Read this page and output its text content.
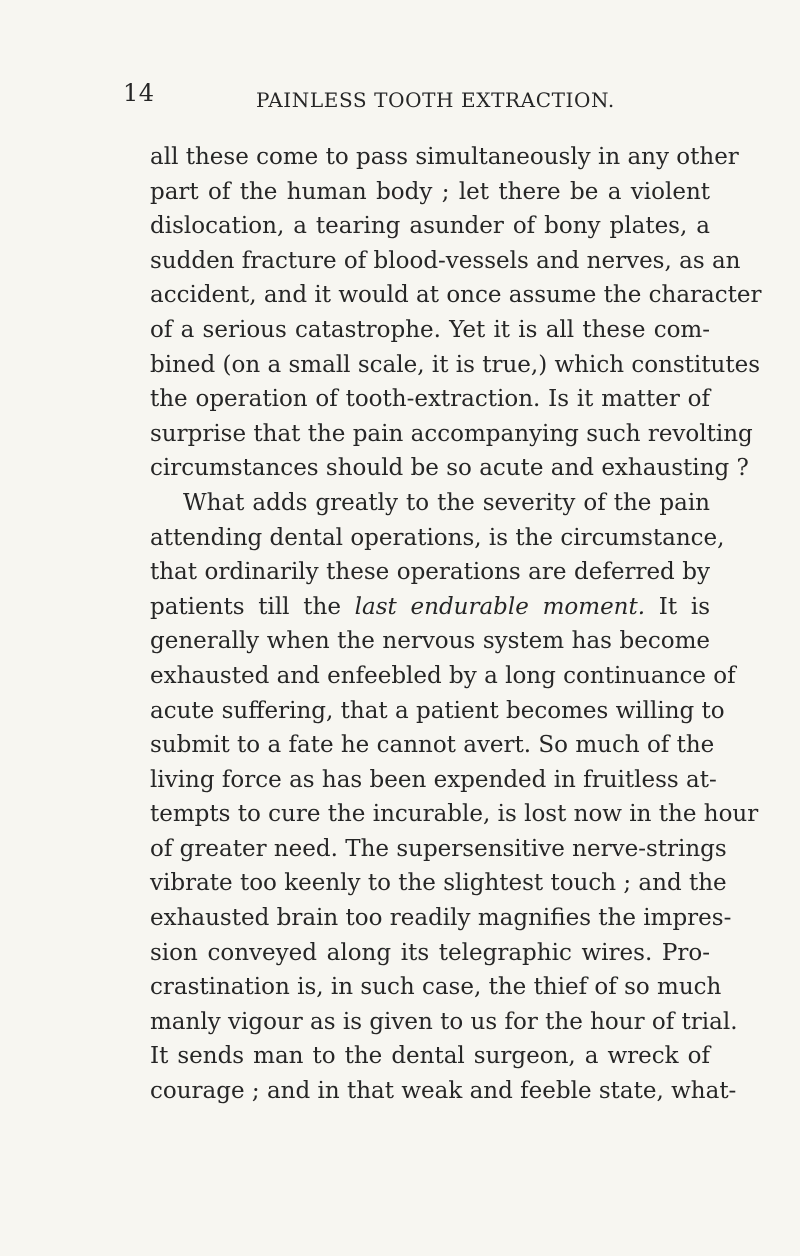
14	PAINLESS TOOTH EXTRACTION.
all these come to pass simultaneously in any other
part of the human body ; let there be a violent
dislocation, a tearing asunder of bony plates, a
sudden fracture of blood-vessels and nerves, as an
accident, and it would at once assume the character
of a serious catastrophe. Yet it is all these com-
bined (on a small scale, it is true,) which constitutes
the operation of tooth-extraction. Is it matter of
surprise that the pain accompanying such revolting
circumstances should be so acute and exhausting ?
What adds greatly to the severity of the pain
attending dental operations, is the circumstance,
that ordinarily these operations are deferred by
patients till the last endurable moment. It is
generally when the nervous system has become
exhausted and enfeebled by a long continuance of
acute suffering, that a patient becomes willing to
submit to a fate he cannot avert. So much of the
living force as has been expended in fruitless at-
tempts to cure the incurable, is lost now in the hour
of greater need. The supersensitive nerve-strings
vibrate too keenly to the slightest touch ; and the
exhausted brain too readily magnifies the impres-
sion conveyed along its telegraphic wires. Pro-
crastination is, in such case, the thief of so much
manly vigour as is given to us for the hour of trial.
It sends man to the dental surgeon, a wreck of
courage ; and in that weak and feeble state, what-
